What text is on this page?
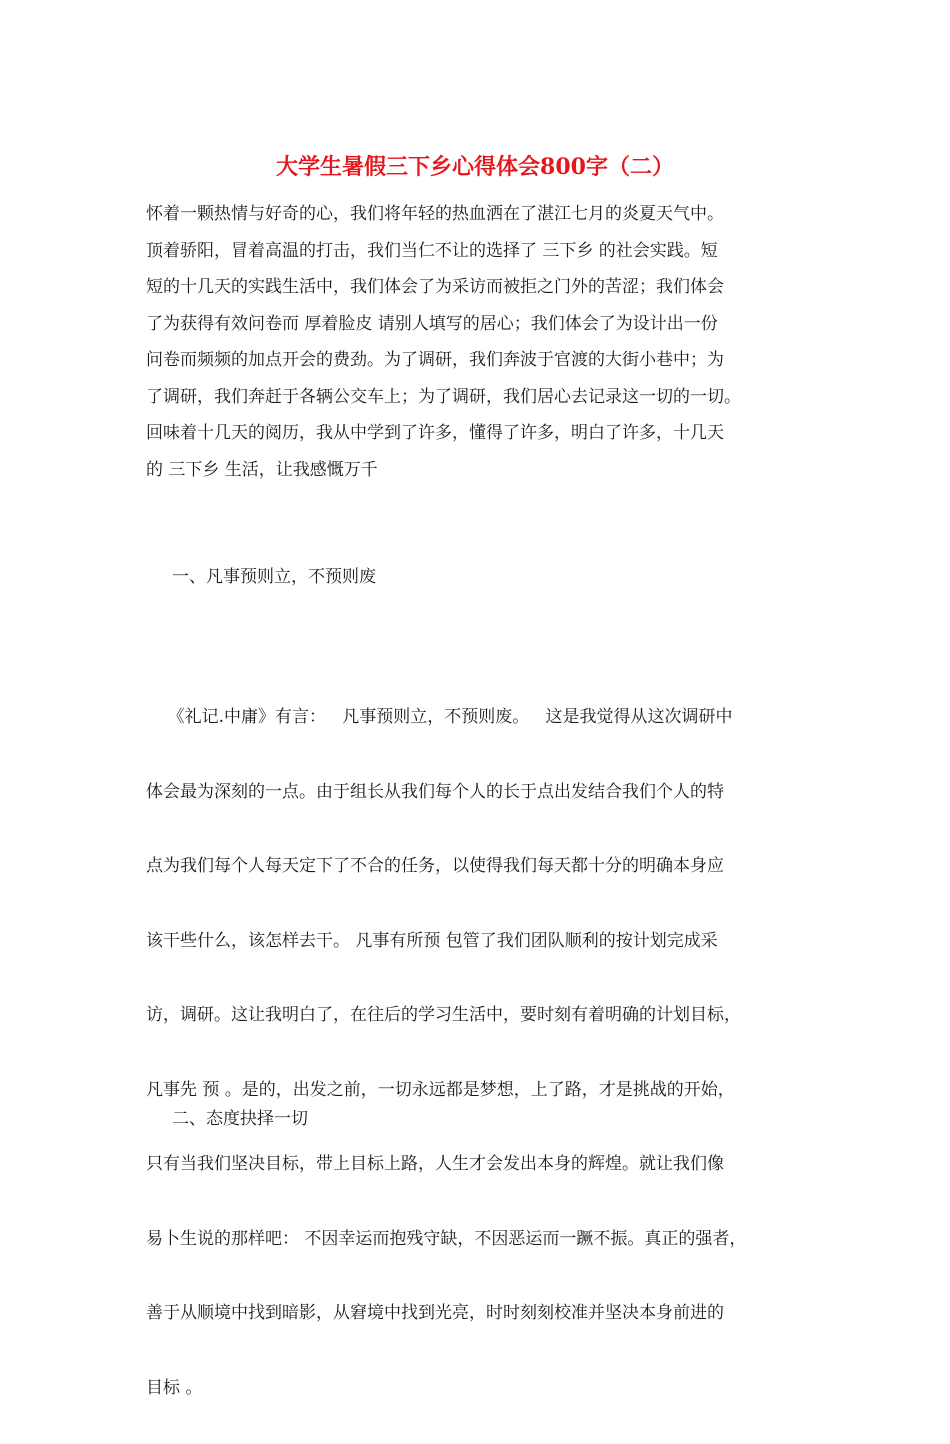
大学生暑假三下乡心得体会800字（二）
怀着一颗热情与好奇的心，我们将年轻的热血洒在了湛江七月的炎夏天气中。
顶着骄阳，冒着高温的打击，我们当仁不让的选择了 三下乡 的社会实践。短
短的十几天的实践生活中，我们体会了为采访而被拒之门外的苦涩；我们体会
了为获得有效问卷而 厚着脸皮 请别人填写的居心；我们体会了为设计出一份
问卷而频频的加点开会的费劲。为了调研，我们奔波于官渡的大街小巷中；为
了调研，我们奔赶于各辆公交车上；为了调研，我们居心去记录这一切的一切。
回味着十几天的阅历，我从中学到了许多，懂得了许多，明白了许多，十几天
的 三下乡 生活，让我感慨万千
一、凡事预则立，不预则废

《礼记.中庸》有言：   凡事预则立，不预则废。   这是我觉得从这次调研中

体会最为深刻的一点。由于组长从我们每个人的长于点出发结合我们个人的特

点为我们每个人每天定下了不合的任务，以使得我们每天都十分的明确本身应

该干些什么，该怎样去干。 凡事有所预 包管了我们团队顺利的按计划完成采

访，调研。这让我明白了，在往后的学习生活中，要时刻有着明确的计划目标，

凡事先 预 。是的，出发之前，一切永远都是梦想，上了路，才是挑战的开始，

只有当我们坚决目标，带上目标上路，人生才会发出本身的辉煌。就让我们像

易卜生说的那样吧： 不因幸运而抱残守缺，不因恶运而一蹶不振。真正的强者，

善于从顺境中找到暗影，从窘境中找到光亮，时时刻刻校准并坚决本身前进的

目标 。

二、态度抉择一切
